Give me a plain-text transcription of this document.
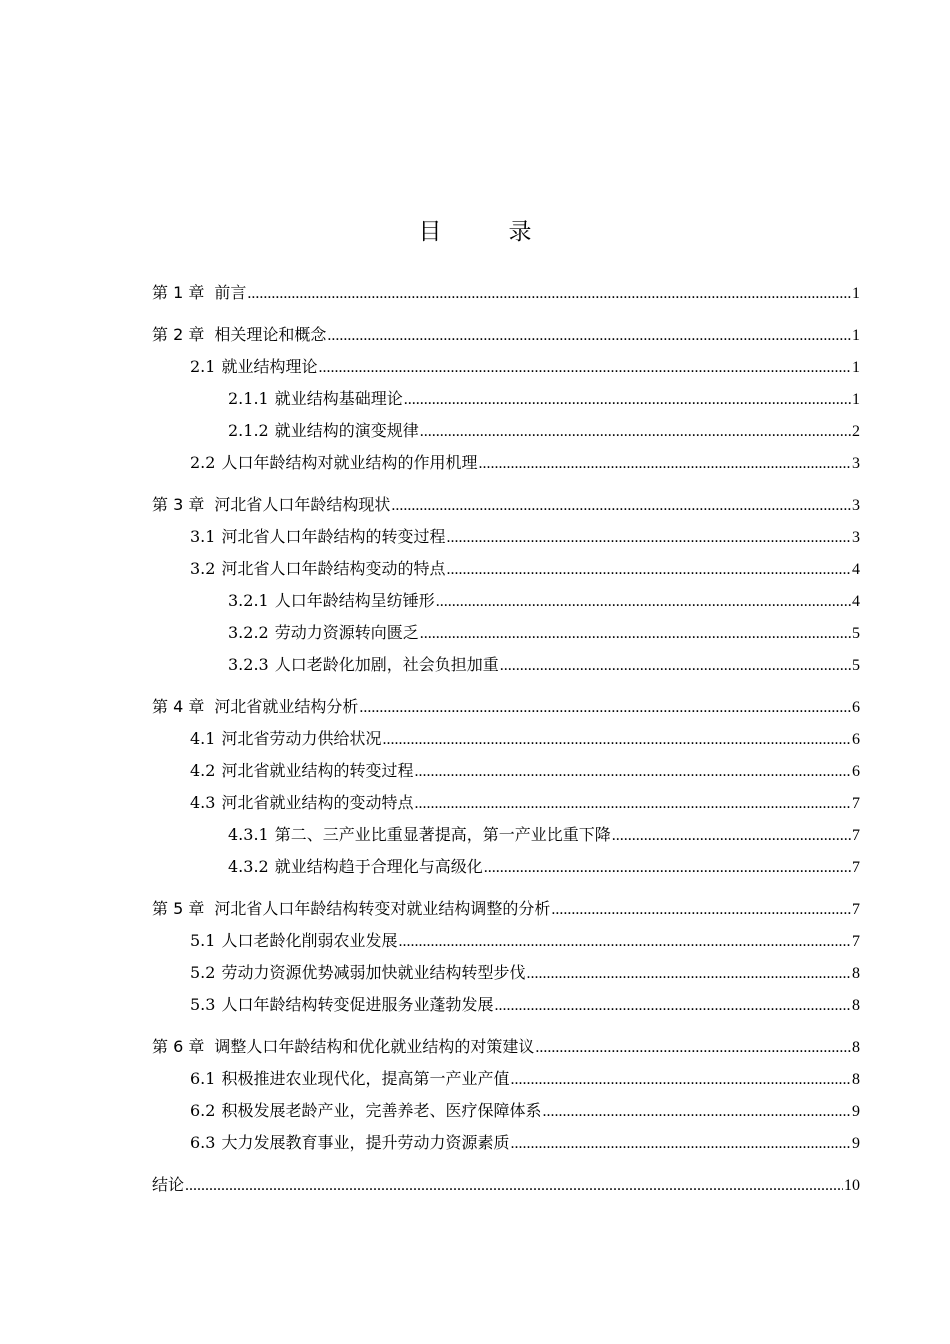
目　录
第 1 章 前言 .....	1
第 2 章 相关理论和概念 .....	1
2.1 就业结构理论 .....	1
2.1.1 就业结构基础理论 .....	1
2.1.2 就业结构的演变规律 .....	2
2.2 人口年龄结构对就业结构的作用机理 .....	3
第 3 章 河北省人口年龄结构现状 .....	3
3.1 河北省人口年龄结构的转变过程 .....	3
3.2 河北省人口年龄结构变动的特点 .....	4
3.2.1 人口年龄结构呈纺锤形 .....	4
3.2.2 劳动力资源转向匮乏 .....	5
3.2.3 人口老龄化加剧，社会负担加重 .....	5
第 4 章 河北省就业结构分析 .....	6
4.1 河北省劳动力供给状况 .....	6
4.2 河北省就业结构的转变过程 .....	6
4.3 河北省就业结构的变动特点 .....	7
4.3.1 第二、三产业比重显著提高，第一产业比重下降 .....	7
4.3.2 就业结构趋于合理化与高级化 .....	7
第 5 章 河北省人口年龄结构转变对就业结构调整的分析 .....	7
5.1 人口老龄化削弱农业发展 .....	7
5.2 劳动力资源优势减弱加快就业结构转型步伐 .....	8
5.3 人口年龄结构转变促进服务业蓬勃发展 .....	8
第 6 章 调整人口年龄结构和优化就业结构的对策建议 .....	8
6.1 积极推进农业现代化，提高第一产业产值 .....	8
6.2 积极发展老龄产业，完善养老、医疗保障体系 .....	9
6.3 大力发展教育事业，提升劳动力资源素质 .....	9
结论 .....	10
